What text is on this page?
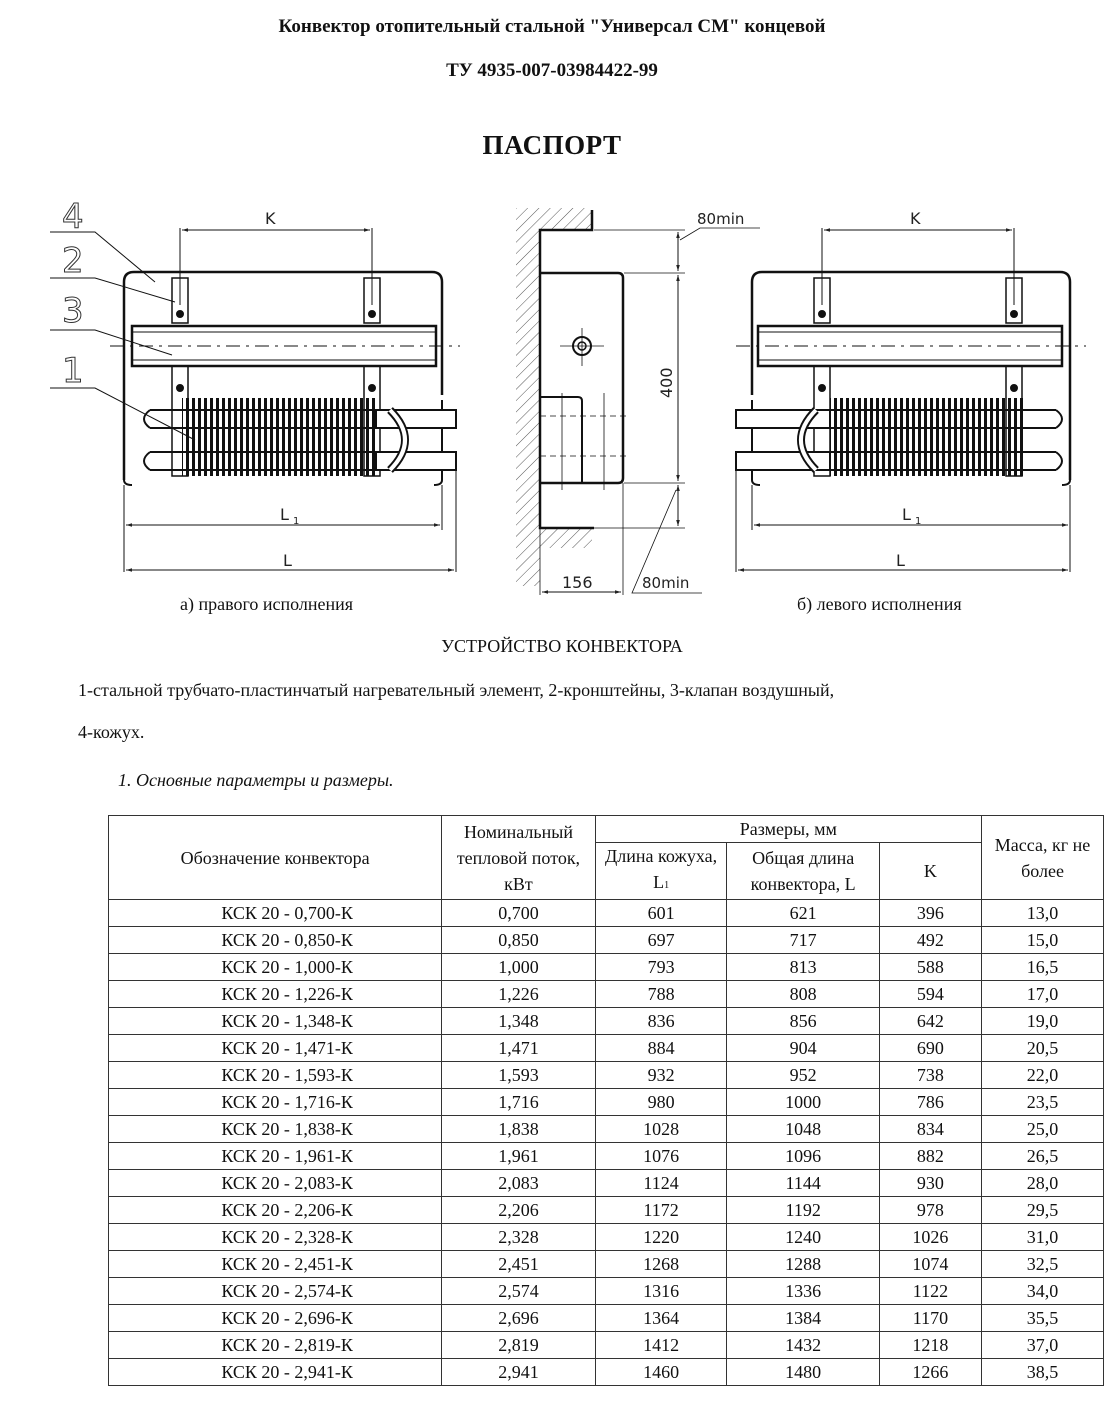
Конвектор отопительный стальной "Универсал СМ" концевой
ТУ 4935-007-03984422-99
ПАСПОРТ
4
2
3
1
K
L 1
L
80min
400
156	80min
K
L 1
L
а) правого исполнения	б) левого исполнения
УСТРОЙСТВО КОНВЕКТОРА
1-стальной трубчато-пластинчатый нагревательный элемент, 2-кронштейны, 3-клапан воздушный,
4-кожух.
1. Основные параметры и размеры.
Обозначение конвектора	Номинальный тепловой поток, кВт	Размеры, мм			Масса, кг не более
		Длина кожуха, L1	Общая длина конвектора, L	K	
КСК 20 - 0,700-К	0,700	601	621	396	13,0
КСК 20 - 0,850-К	0,850	697	717	492	15,0
КСК 20 - 1,000-К	1,000	793	813	588	16,5
КСК 20 - 1,226-К	1,226	788	808	594	17,0
КСК 20 - 1,348-К	1,348	836	856	642	19,0
КСК 20 - 1,471-К	1,471	884	904	690	20,5
КСК 20 - 1,593-К	1,593	932	952	738	22,0
КСК 20 - 1,716-К	1,716	980	1000	786	23,5
КСК 20 - 1,838-К	1,838	1028	1048	834	25,0
КСК 20 - 1,961-К	1,961	1076	1096	882	26,5
КСК 20 - 2,083-К	2,083	1124	1144	930	28,0
КСК 20 - 2,206-К	2,206	1172	1192	978	29,5
КСК 20 - 2,328-К	2,328	1220	1240	1026	31,0
КСК 20 - 2,451-К	2,451	1268	1288	1074	32,5
КСК 20 - 2,574-К	2,574	1316	1336	1122	34,0
КСК 20 - 2,696-К	2,696	1364	1384	1170	35,5
КСК 20 - 2,819-К	2,819	1412	1432	1218	37,0
КСК 20 - 2,941-К	2,941	1460	1480	1266	38,5
